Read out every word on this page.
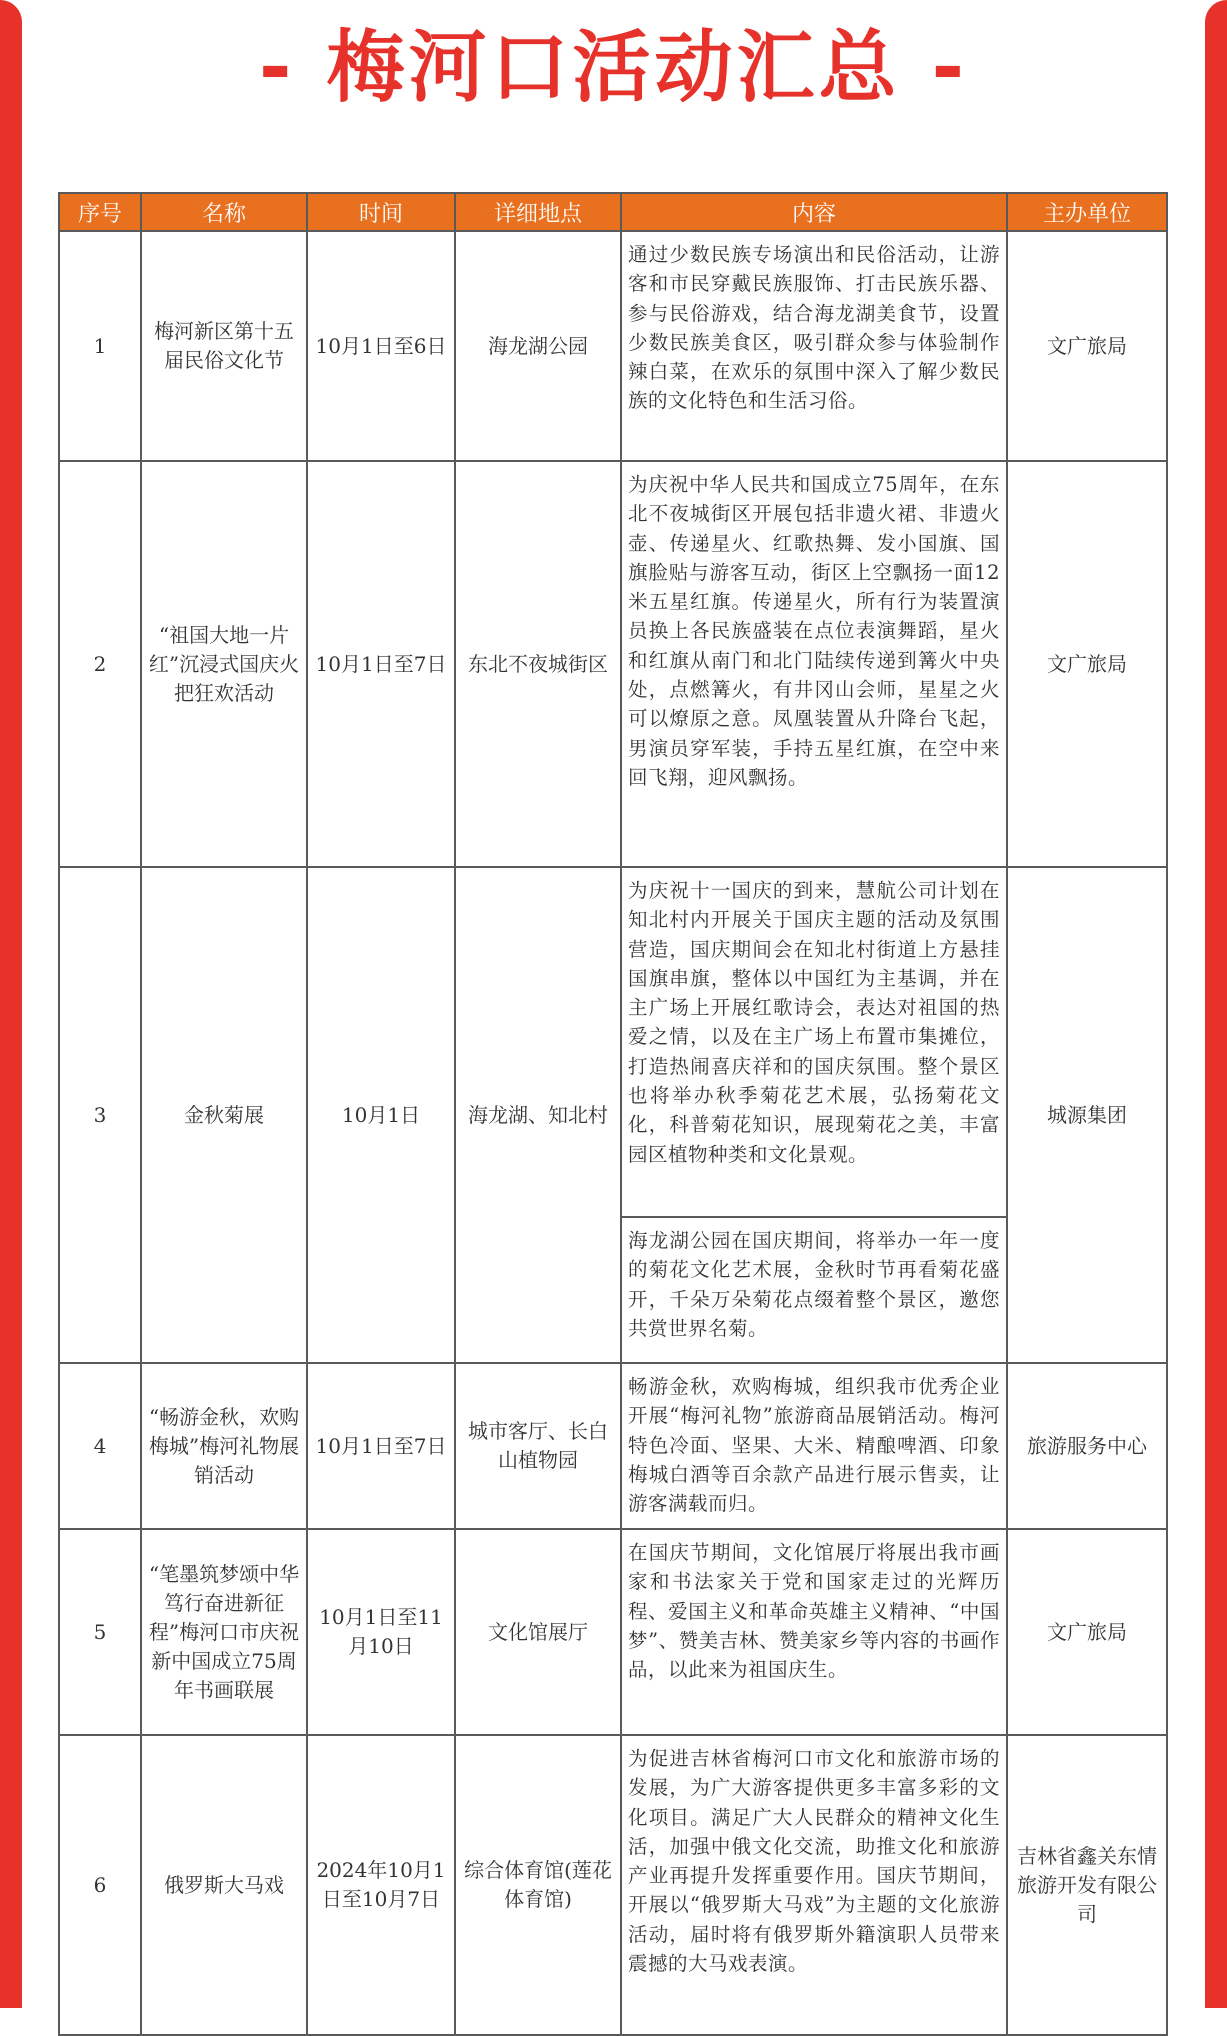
- 梅河口活动汇总 -
序号	名称	时间	详细地点	内容	主办单位
1	梅河新区第十五届民俗文化节	10月1日至6日	海龙湖公园	通过少数民族专场演出和民俗活动，让游客和市民穿戴民族服饰、打击民族乐器、参与民俗游戏，结合海龙湖美食节，设置少数民族美食区，吸引群众参与体验制作辣白菜，在欢乐的氛围中深入了解少数民族的文化特色和生活习俗。	文广旅局
2	“祖国大地一片红”沉浸式国庆火把狂欢活动	10月1日至7日	东北不夜城街区	为庆祝中华人民共和国成立75周年，在东北不夜城街区开展包括非遗火裙、非遗火壶、传递星火、红歌热舞、发小国旗、国旗脸贴与游客互动，街区上空飘扬一面12米五星红旗。传递星火，所有行为装置演员换上各民族盛装在点位表演舞蹈，星火和红旗从南门和北门陆续传递到篝火中央处，点燃篝火，有井冈山会师，星星之火可以燎原之意。凤凰装置从升降台飞起，男演员穿军装，手持五星红旗，在空中来回飞翔，迎风飘扬。	文广旅局
3	金秋菊展	10月1日	海龙湖、知北村	为庆祝十一国庆的到来，慧航公司计划在知北村内开展关于国庆主题的活动及氛围营造，国庆期间会在知北村街道上方悬挂国旗串旗，整体以中国红为主基调，并在主广场上开展红歌诗会，表达对祖国的热爱之情，以及在主广场上布置市集摊位，打造热闹喜庆祥和的国庆氛围。整个景区也将举办秋季菊花艺术展，弘扬菊花文化，科普菊花知识，展现菊花之美，丰富园区植物种类和文化景观。	城源集团
				海龙湖公园在国庆期间，将举办一年一度的菊花文化艺术展，金秋时节再看菊花盛开，千朵万朵菊花点缀着整个景区，邀您共赏世界名菊。	
4	“畅游金秋，欢购梅城”梅河礼物展销活动	10月1日至7日	城市客厅、长白山植物园	畅游金秋，欢购梅城，组织我市优秀企业开展“梅河礼物”旅游商品展销活动。梅河特色冷面、坚果、大米、精酿啤酒、印象梅城白酒等百余款产品进行展示售卖，让游客满载而归。	旅游服务中心
5	“笔墨筑梦颂中华 笃行奋进新征程”梅河口市庆祝新中国成立75周年书画联展	10月1日至11月10日	文化馆展厅	在国庆节期间，文化馆展厅将展出我市画家和书法家关于党和国家走过的光辉历程、爱国主义和革命英雄主义精神、“中国梦”、赞美吉林、赞美家乡等内容的书画作品，以此来为祖国庆生。	文广旅局
6	俄罗斯大马戏	2024年10月1日至10月7日	综合体育馆(莲花体育馆)	为促进吉林省梅河口市文化和旅游市场的发展，为广大游客提供更多丰富多彩的文化项目。满足广大人民群众的精神文化生活，加强中俄文化交流，助推文化和旅游产业再提升发挥重要作用。国庆节期间，开展以“俄罗斯大马戏”为主题的文化旅游活动，届时将有俄罗斯外籍演职人员带来震撼的大马戏表演。	吉林省鑫关东情旅游开发有限公司
